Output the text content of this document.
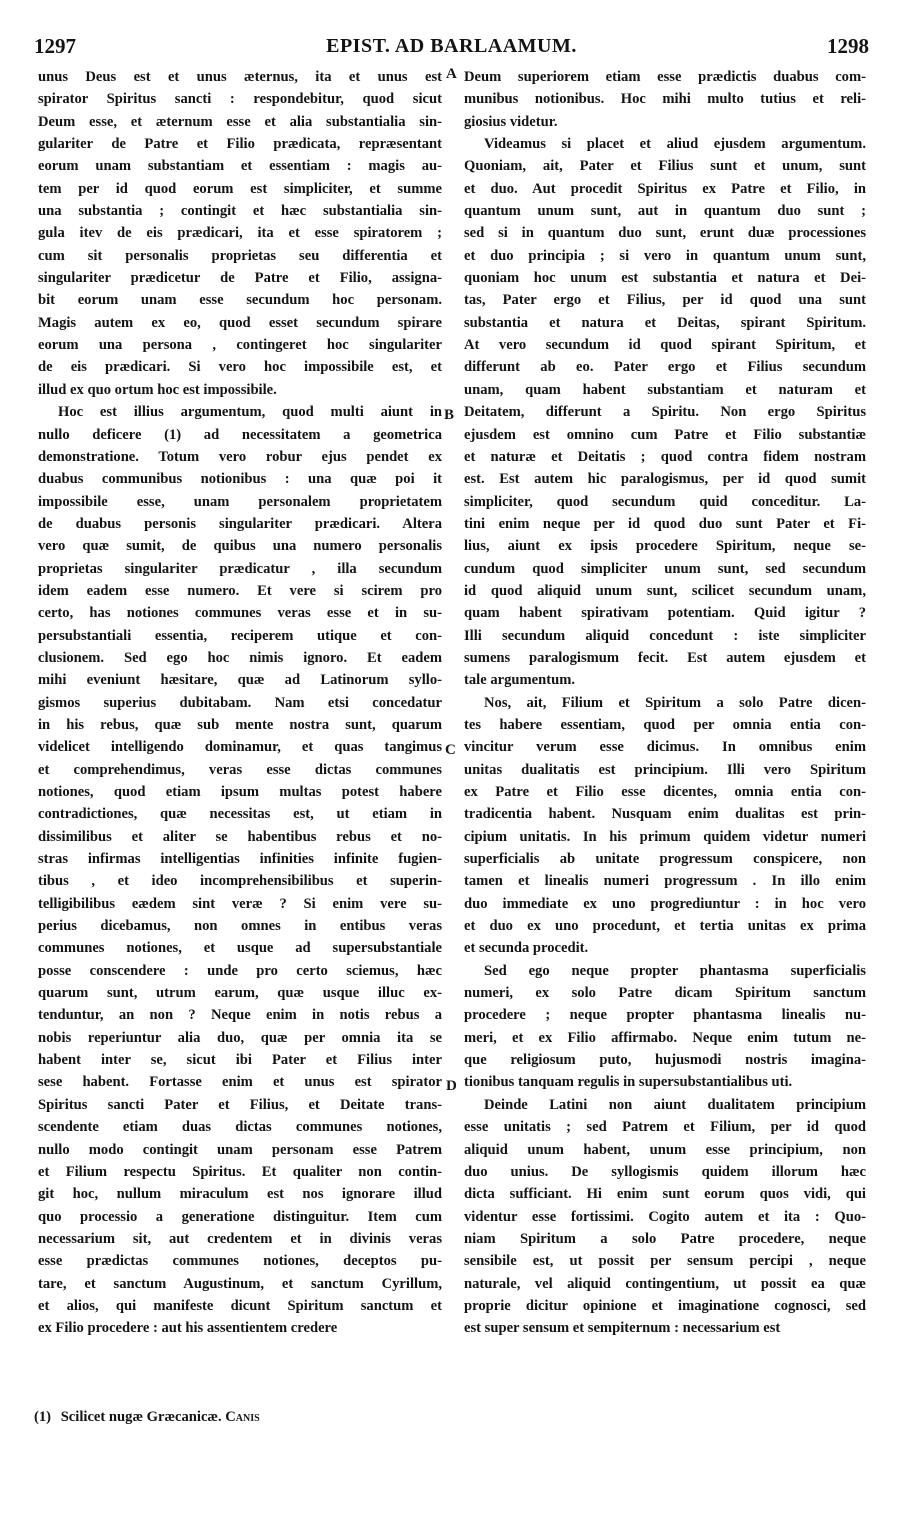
1297	EPIST. AD BARLAAMUM.	1298
unus Deus est et unus æternus, ita et unus est
spirator Spiritus sancti : respondebitur, quod sicut
Deum esse, et æternum esse et alia substantialia sin-
gulariter de Patre et Filio prædicata, repræsentant
eorum unam substantiam et essentiam : magis au-
tem per id quod eorum est simpliciter, et summe
una substantia ; contingit et hæc substantialia sin-
gula itev de eis prædicari, ita et esse spiratorem ;
cum sit personalis proprietas seu differentia et
singulariter prædicetur de Patre et Filio, assigna-
bit eorum unam esse secundum hoc personam.
Magis autem ex eo, quod esset secundum spirare
eorum una persona , contingeret hoc singulariter
de eis prædicari. Si vero hoc impossibile est, et
illud ex quo ortum hoc est impossibile.
Hoc est illius argumentum, quod multi aiunt in
nullo deficere (1) ad necessitatem a geometrica
demonstratione. Totum vero robur ejus pendet ex
duabus communibus notionibus : una quæ poi it
impossibile esse, unam personalem proprietatem
de duabus personis singulariter prædicari. Altera
vero quæ sumit, de quibus una numero personalis
proprietas singulariter prædicatur , illa secundum
idem eadem esse numero. Et vere si scirem pro
certo, has notiones communes veras esse et in su-
persubstantiali essentia, reciperem utique et con-
clusionem. Sed ego hoc nimis ignoro. Et eadem
mihi eveniunt hæsitare, quæ ad Latinorum syllo-
gismos superius dubitabam. Nam etsi concedatur
in his rebus, quæ sub mente nostra sunt, quarum
videlicet intelligendo dominamur, et quas tangimus
et comprehendimus, veras esse dictas communes
notiones, quod etiam ipsum multas potest habere
contradictiones, quæ necessitas est, ut etiam in
dissimilibus et aliter se habentibus rebus et no-
stras infirmas intelligentias infinities infinite fugien-
tibus , et ideo incomprehensibilibus et superin-
telligibilibus eædem sint veræ ? Si enim vere su-
perius dicebamus, non omnes in entibus veras
communes notiones, et usque ad supersubstantiale
posse conscendere : unde pro certo sciemus, hæc
quarum sunt, utrum earum, quæ usque illuc ex-
tenduntur, an non ? Neque enim in notis rebus a
nobis reperiuntur alia duo, quæ per omnia ita se
habent inter se, sicut ibi Pater et Filius inter
sese habent. Fortasse enim et unus est spirator
Spiritus sancti Pater et Filius, et Deitate trans-
scendente etiam duas dictas communes notiones,
nullo modo contingit unam personam esse Patrem
et Filium respectu Spiritus. Et qualiter non contin-
git hoc, nullum miraculum est nos ignorare illud
quo processio a generatione distinguitur. Item cum
necessarium sit, aut credentem et in divinis veras
esse prædictas communes notiones, deceptos pu-
tare, et sanctum Augustinum, et sanctum Cyrillum,
et alios, qui manifeste dicunt Spiritum sanctum et
ex Filio procedere : aut his assentientem credere
Deum superiorem etiam esse prædictis duabus com-
munibus notionibus. Hoc mihi multo tutius et reli-
giosius videtur.
Videamus si placet et aliud ejusdem argumentum.
Quoniam, ait, Pater et Filius sunt et unum, sunt
et duo. Aut procedit Spiritus ex Patre et Filio, in
quantum unum sunt, aut in quantum duo sunt ;
sed si in quantum duo sunt, erunt duæ processiones
et duo principia ; si vero in quantum unum sunt,
quoniam hoc unum est substantia et natura et Dei-
tas, Pater ergo et Filius, per id quod una sunt
substantia et natura et Deitas, spirant Spiritum.
At vero secundum id quod spirant Spiritum, et
differunt ab eo. Pater ergo et Filius secundum
unam, quam habent substantiam et naturam et
Deitatem, differunt a Spiritu. Non ergo Spiritus
ejusdem est omnino cum Patre et Filio substantiæ
et naturæ et Deitatis ; quod contra fidem nostram
est. Est autem hic paralogismus, per id quod sumit
simpliciter, quod secundum quid conceditur. La-
tini enim neque per id quod duo sunt Pater et Fi-
lius, aiunt ex ipsis procedere Spiritum, neque se-
cundum quod simpliciter unum sunt, sed secundum
id quod aliquid unum sunt, scilicet secundum unam,
quam habent spirativam potentiam. Quid igitur ?
Illi secundum aliquid concedunt : iste simpliciter
sumens paralogismum fecit. Est autem ejusdem et
tale argumentum.
Nos, ait, Filium et Spiritum a solo Patre dicen-
tes habere essentiam, quod per omnia entia con-
vincitur verum esse dicimus. In omnibus enim
unitas dualitatis est principium. Illi vero Spiritum
ex Patre et Filio esse dicentes, omnia entia con-
tradicentia habent. Nusquam enim dualitas est prin-
cipium unitatis. In his primum quidem videtur numeri
superficialis ab unitate progressum conspicere, non
tamen et linealis numeri progressum . In illo enim
duo immediate ex uno progrediuntur : in hoc vero
et duo ex uno procedunt, et tertia unitas ex prima
et secunda procedit.
Sed ego neque propter phantasma superficialis
numeri, ex solo Patre dicam Spiritum sanctum
procedere ; neque propter phantasma linealis nu-
meri, et ex Filio affirmabo. Neque enim tutum ne-
que religiosum puto, hujusmodi nostris imagina-
tionibus tanquam regulis in supersubstantialibus uti.
Deinde Latini non aiunt dualitatem principium
esse unitatis ; sed Patrem et Filium, per id quod
aliquid unum habent, unum esse principium, non
duo unius. De syllogismis quidem illorum hæc
dicta sufficiant. Hi enim sunt eorum quos vidi, qui
videntur esse fortissimi. Cogito autem et ita : Quo-
niam Spiritum a solo Patre procedere, neque
sensibile est, ut possit per sensum percipi , neque
naturale, vel aliquid contingentium, ut possit ea quæ
proprie dicitur opinione et imaginatione cognosci, sed
est super sensum et sempiternum : necessarium est
A
B
C
D
(1) Scilicet nugæ Græcanicæ. Canis
